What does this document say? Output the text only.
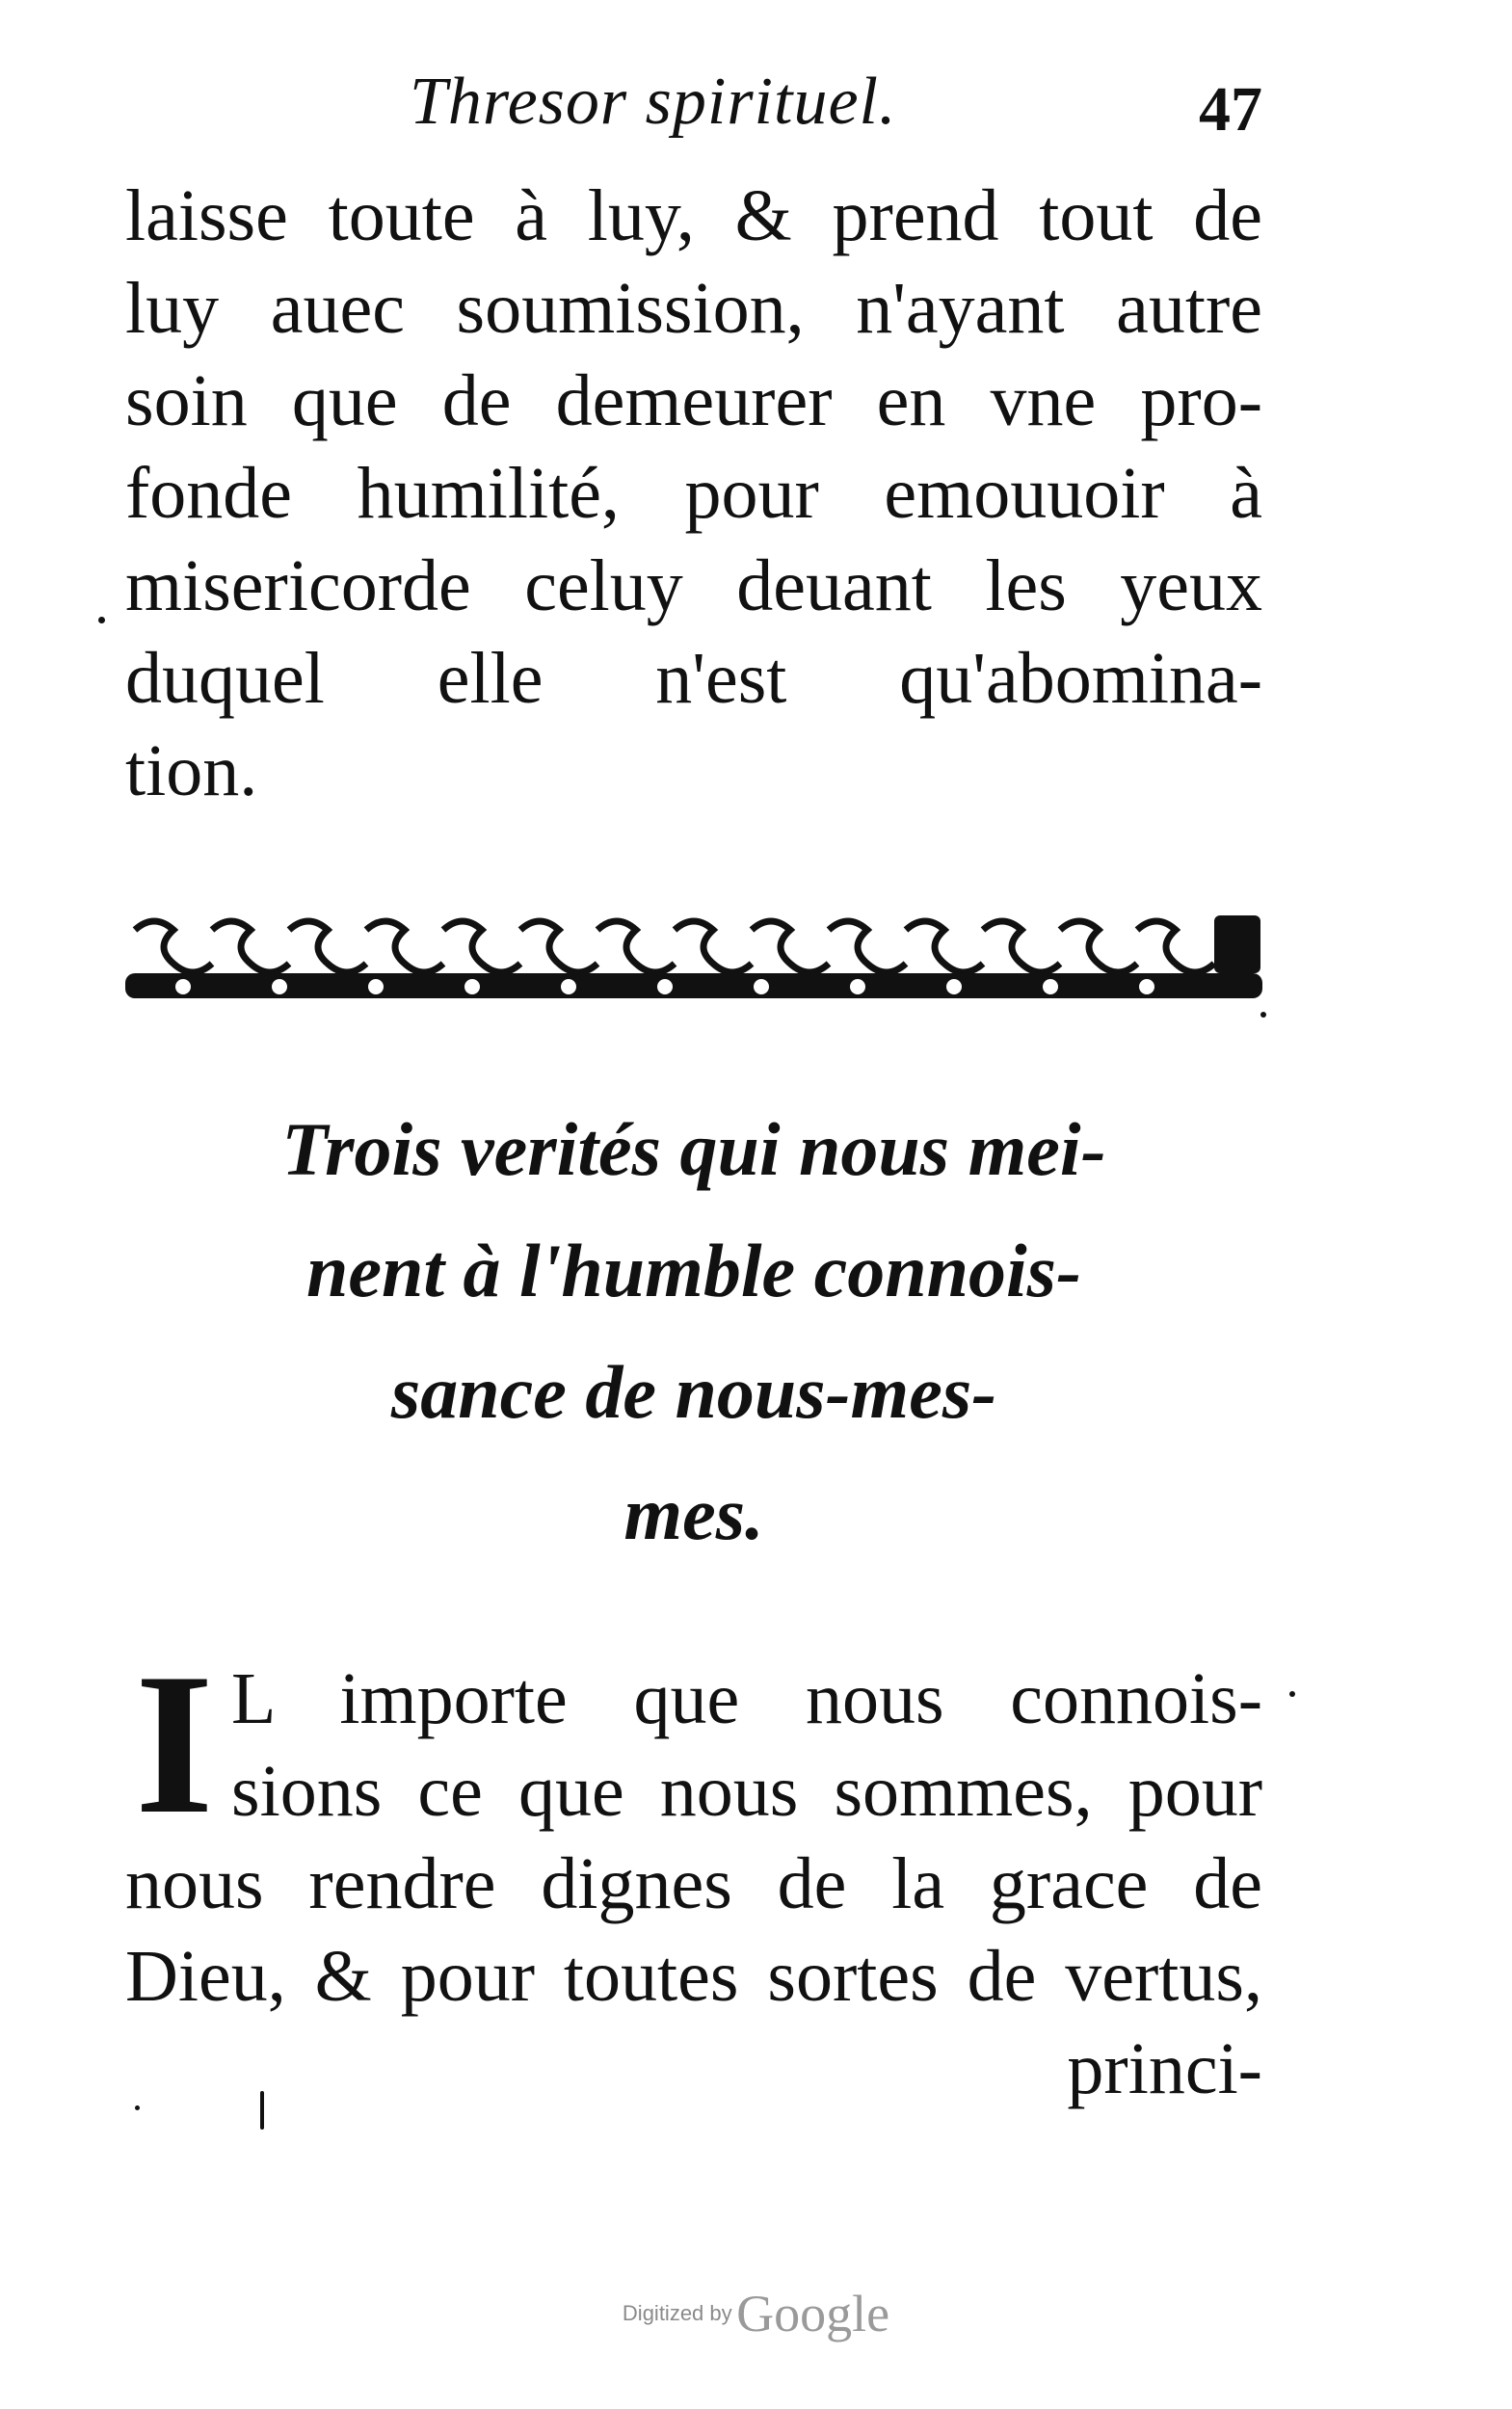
Thresor spirituel.	47
laisse toute à luy, & prend tout de
luy auec soumission, n'ayant autre
soin que de demeurer en vne pro-
fonde humilité, pour emouuoir à
misericorde celuy deuant les yeux
duquel elle n'est qu'abomina-
tion.
Trois verités qui nous mei-
nent à l'humble connois-
sance de nous-mes-
mes.
I L importe que nous connois-
sions ce que nous sommes, pour
nous rendre dignes de la grace de
Dieu, & pour toutes sortes de vertus,
princi-
Digitized by Google
